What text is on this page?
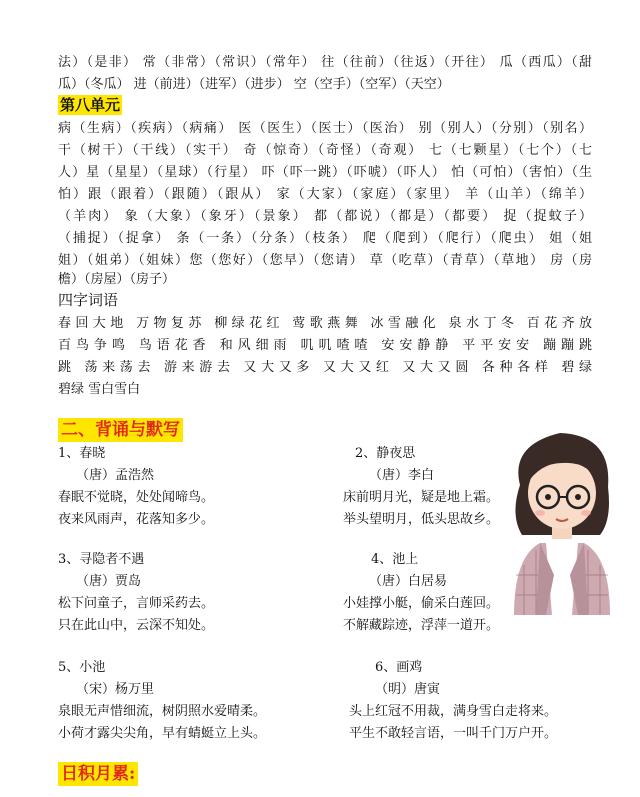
法）（是非） 常（非常）（常识）（常年） 往（往前）（往返）（开往） 瓜（西瓜）（甜
瓜）（冬瓜） 进（前进）（进军）（进步） 空（空手）（空军）（天空）
第八单元
病（生病）（疾病）（病痛） 医（医生）（医士）（医治） 别（别人）（分别）（别名）
干（树干）（干线）（实干） 奇（惊奇）（奇怪）（奇观） 七（七颗星）（七个）（七
人）星（星星）（星球）（行星） 吓（吓一跳）（吓唬）（吓人） 怕（可怕）（害怕）（生
怕）跟（跟着）（跟随）（跟从） 家（大家）（家庭）（家里） 羊（山羊）（绵羊）
（羊肉） 象（大象）（象牙）（景象） 都（都说）（都是）（都要） 捉（捉蚊子）
（捕捉）（捉拿） 条（一条）（分条）（枝条） 爬（爬到）（爬行）（爬虫） 姐（姐
姐）（姐弟）（姐妹）您（您好）（您早）（您请） 草（吃草）（青草）（草地） 房（房
檐）（房屋）（房子）
四字词语
春回大地 万物复苏 柳绿花红 莺歌燕舞 冰雪融化 泉水丁冬 百花齐放
百鸟争鸣 鸟语花香 和风细雨 叽叽喳喳 安安静静 平平安安 蹦蹦跳
跳 荡来荡去 游来游去 又大又多 又大又红 又大又圆 各种各样 碧绿
碧绿 雪白雪白
二、背诵与默写
1、春晓
（唐）孟浩然
春眠不觉晓，处处闻啼鸟。
夜来风雨声，花落知多少。
2、静夜思
（唐）李白
床前明月光，疑是地上霜。
举头望明月，低头思故乡。
3、寻隐者不遇
（唐）贾岛
松下问童子，言师采药去。
只在此山中，云深不知处。
4、池上
（唐）白居易
小娃撑小艇，偷采白莲回。
不解藏踪迹，浮萍一道开。
5、小池
（宋）杨万里
泉眼无声惜细流，树阴照水爱晴柔。
小荷才露尖尖角，早有蜻蜓立上头。
6、画鸡
（明）唐寅
头上红冠不用裁，满身雪白走将来。
平生不敢轻言语，一叫千门万户开。
日积月累:
